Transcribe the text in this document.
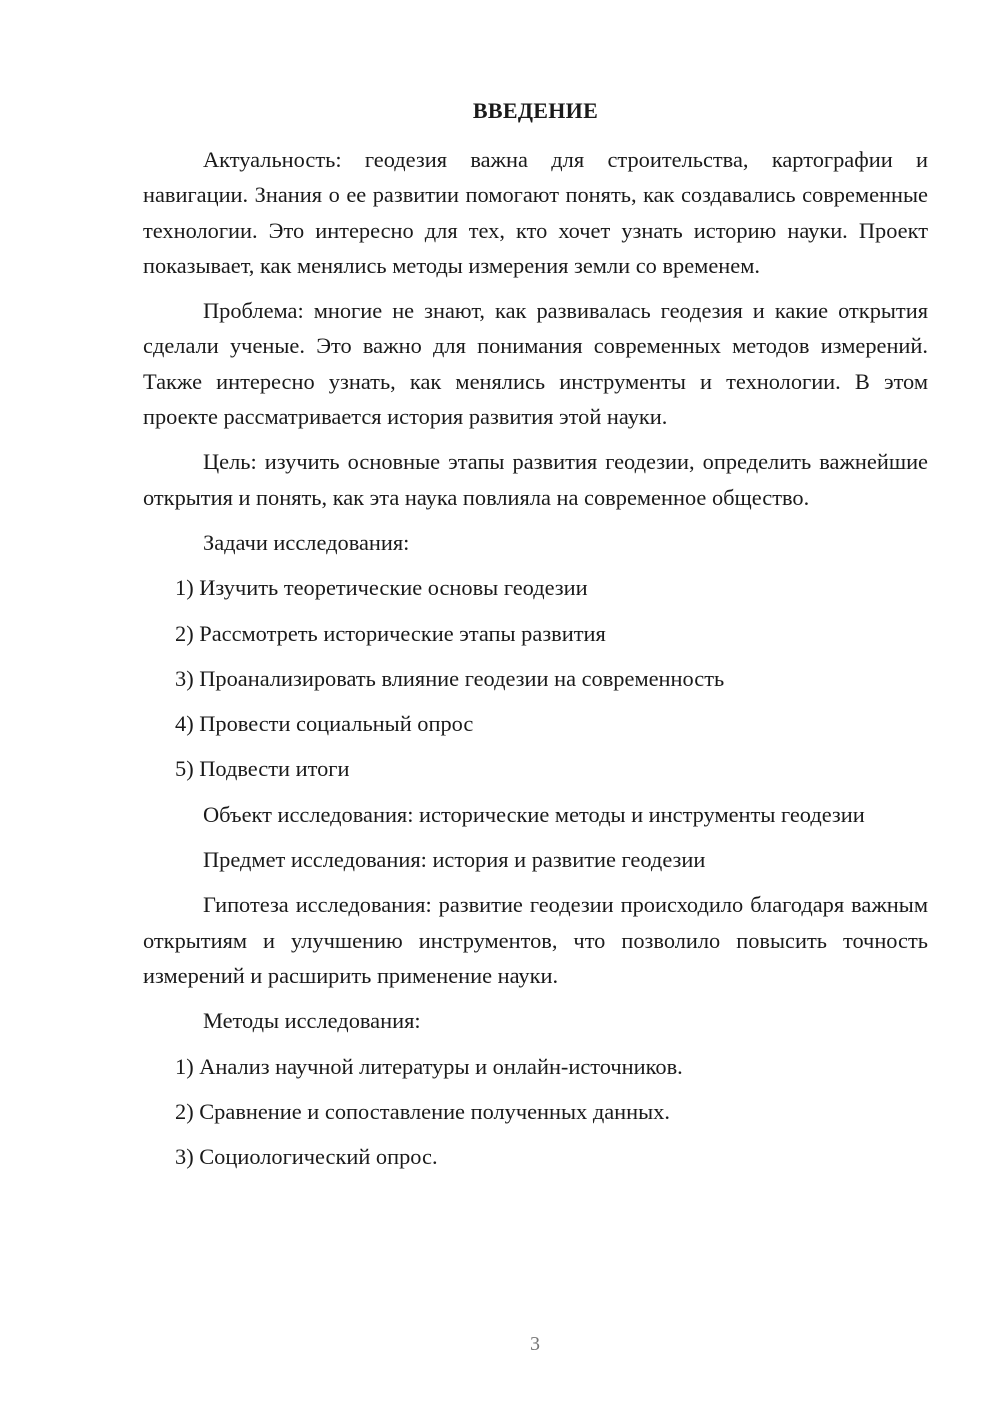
ВВЕДЕНИЕ

Актуальность: геодезия важна для строительства, картографии и навигации. Знания о ее развитии помогают понять, как создавались современные технологии. Это интересно для тех, кто хочет узнать историю науки. Проект показывает, как менялись методы измерения земли со временем.

Проблема: многие не знают, как развивалась геодезия и какие открытия сделали ученые. Это важно для понимания современных методов измерений. Также интересно узнать, как менялись инструменты и технологии. В этом проекте рассматривается история развития этой науки.

Цель: изучить основные этапы развития геодезии, определить важнейшие открытия и понять, как эта наука повлияла на современное общество.

Задачи исследования:
1) Изучить теоретические основы геодезии
2) Рассмотреть исторические этапы развития
3) Проанализировать влияние геодезии на современность
4) Провести социальный опрос
5) Подвести итоги

Объект исследования: исторические методы и инструменты геодезии

Предмет исследования: история и развитие геодезии

Гипотеза исследования: развитие геодезии происходило благодаря важным открытиям и улучшению инструментов, что позволило повысить точность измерений и расширить применение науки.

Методы исследования:
1) Анализ научной литературы и онлайн-источников.
2) Сравнение и сопоставление полученных данных.
3) Социологический опрос.
3
